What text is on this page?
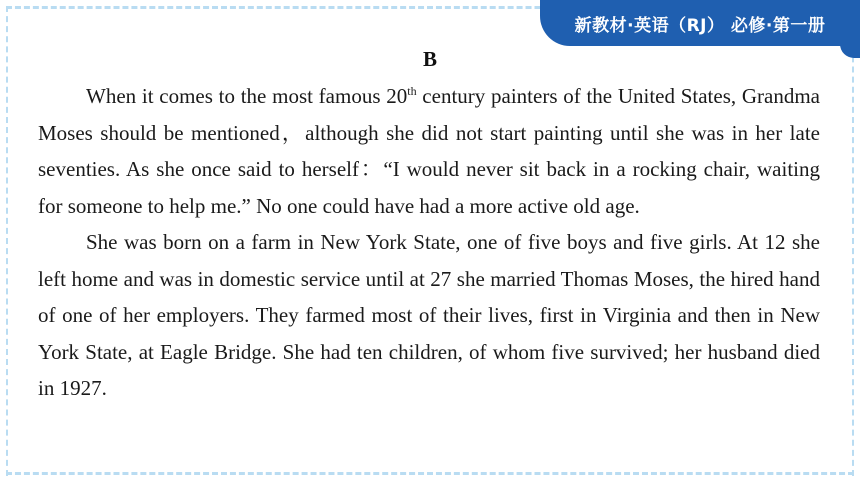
新教材·英语（RJ） 必修·第一册
B

When it comes to the most famous 20th century painters of the United States, Grandma Moses should be mentioned，although she did not start painting until she was in her late seventies. As she once said to herself：“I would never sit back in a rocking chair, waiting for someone to help me.” No one could have had a more active old age.

She was born on a farm in New York State, one of five boys and five girls. At 12 she left home and was in domestic service until at 27 she married Thomas Moses, the hired hand of one of her employers. They farmed most of their lives, first in Virginia and then in New York State, at Eagle Bridge. She had ten children, of whom five survived; her husband died in 1927.
